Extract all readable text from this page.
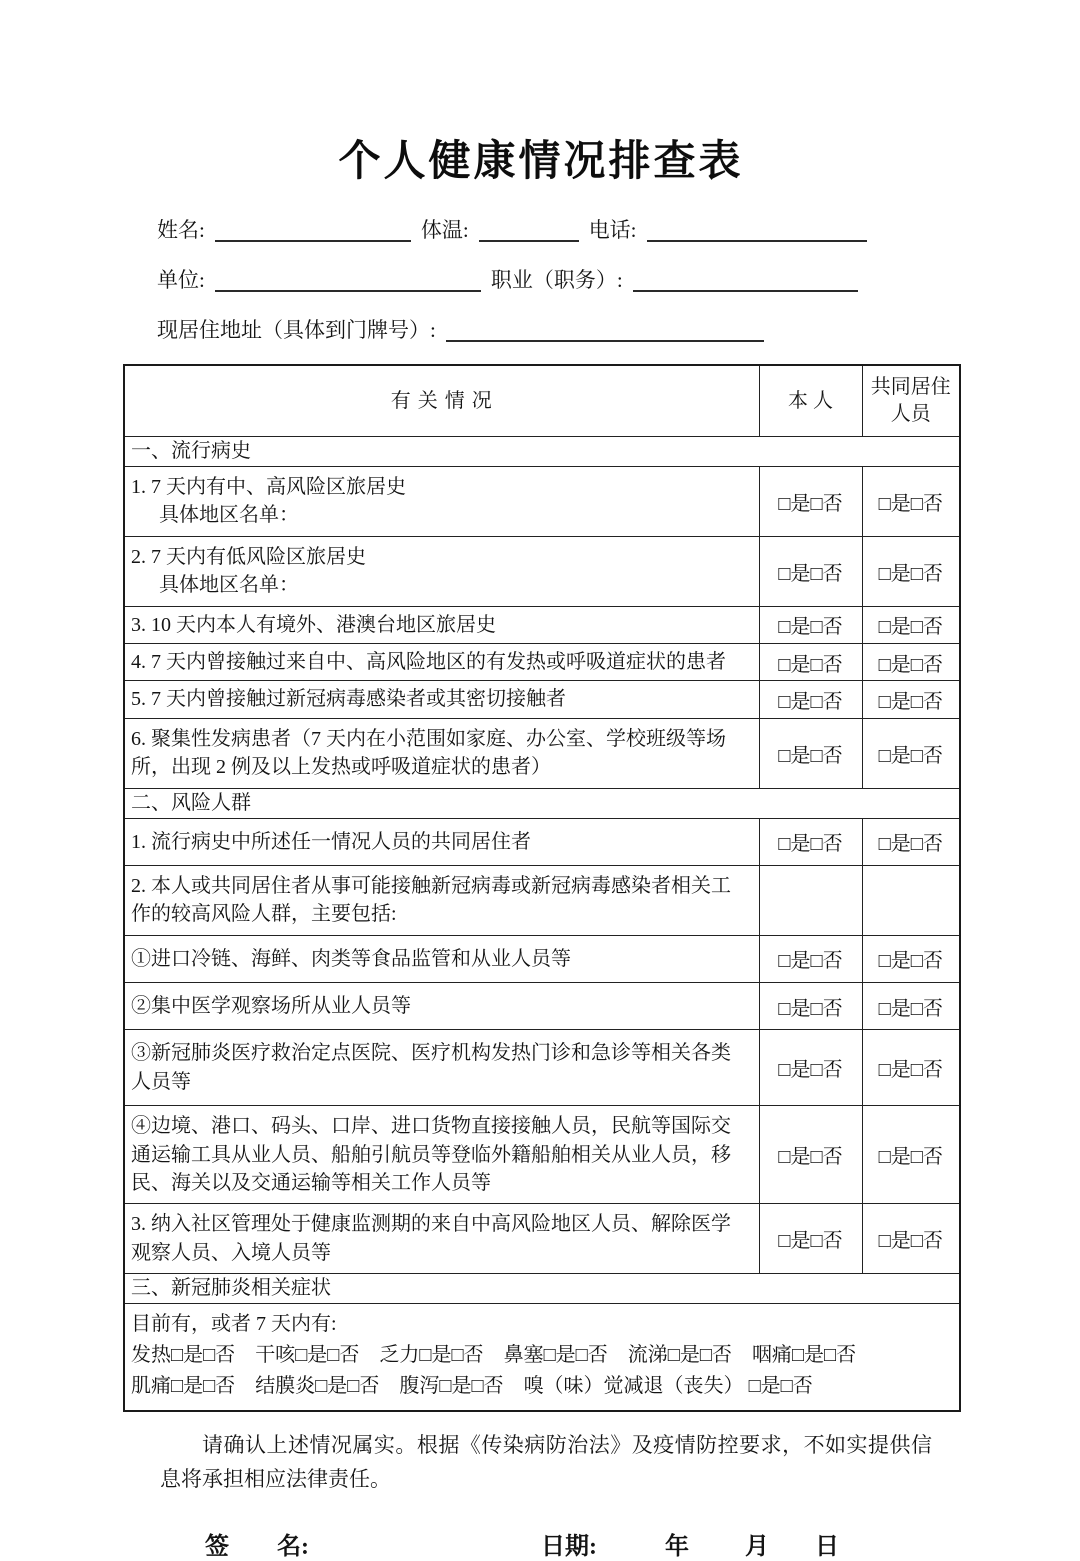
个人健康情况排查表
姓名:	体温:	电话:
单位:	职业（职务）:
现居住地址（具体到门牌号）:
有 关 情 况	本 人	共同居住人员
一、流行病史		

1. 7 天内有中、高风险区旅居史
具体地区名单：	□是□否	□是□否

2. 7 天内有低风险区旅居史
具体地区名单：	□是□否	□是□否
3. 10 天内本人有境外、港澳台地区旅居史	□是□否	□是□否
4. 7 天内曾接触过来自中、高风险地区的有发热或呼吸道症状的患者	□是□否	□是□否
5. 7 天内曾接触过新冠病毒感染者或其密切接触者	□是□否	□是□否
6. 聚集性发病患者（7 天内在小范围如家庭、办公室、学校班级等场所，出现 2 例及以上发热或呼吸道症状的患者）	□是□否	□是□否
二、风险人群		
1. 流行病史中所述任一情况人员的共同居住者	□是□否	□是□否
2. 本人或共同居住者从事可能接触新冠病毒或新冠病毒感染者相关工作的较高风险人群，主要包括:		
①进口冷链、海鲜、肉类等食品监管和从业人员等	□是□否	□是□否
②集中医学观察场所从业人员等	□是□否	□是□否
③新冠肺炎医疗救治定点医院、医疗机构发热门诊和急诊等相关各类人员等	□是□否	□是□否
④边境、港口、码头、口岸、进口货物直接接触人员，民航等国际交通运输工具从业人员、船舶引航员等登临外籍船舶相关从业人员，移民、海关以及交通运输等相关工作人员等	□是□否	□是□否
3. 纳入社区管理处于健康监测期的来自中高风险地区人员、解除医学观察人员、入境人员等	□是□否	□是□否
三、新冠肺炎相关症状		

目前有，或者 7 天内有:
发热□是□否 干咳□是□否 乏力□是□否 鼻塞□是□否 流涕□是□否 咽痛□是□否
肌痛□是□否 结膜炎□是□否 腹泻□是□否 嗅（味）觉减退（丧失） □是□否		

请确认上述情况属实。根据《传染病防治法》及疫情防控要求，不如实提供信息将承担相应法律责任。

签　　名:	日期:	年 月 日
